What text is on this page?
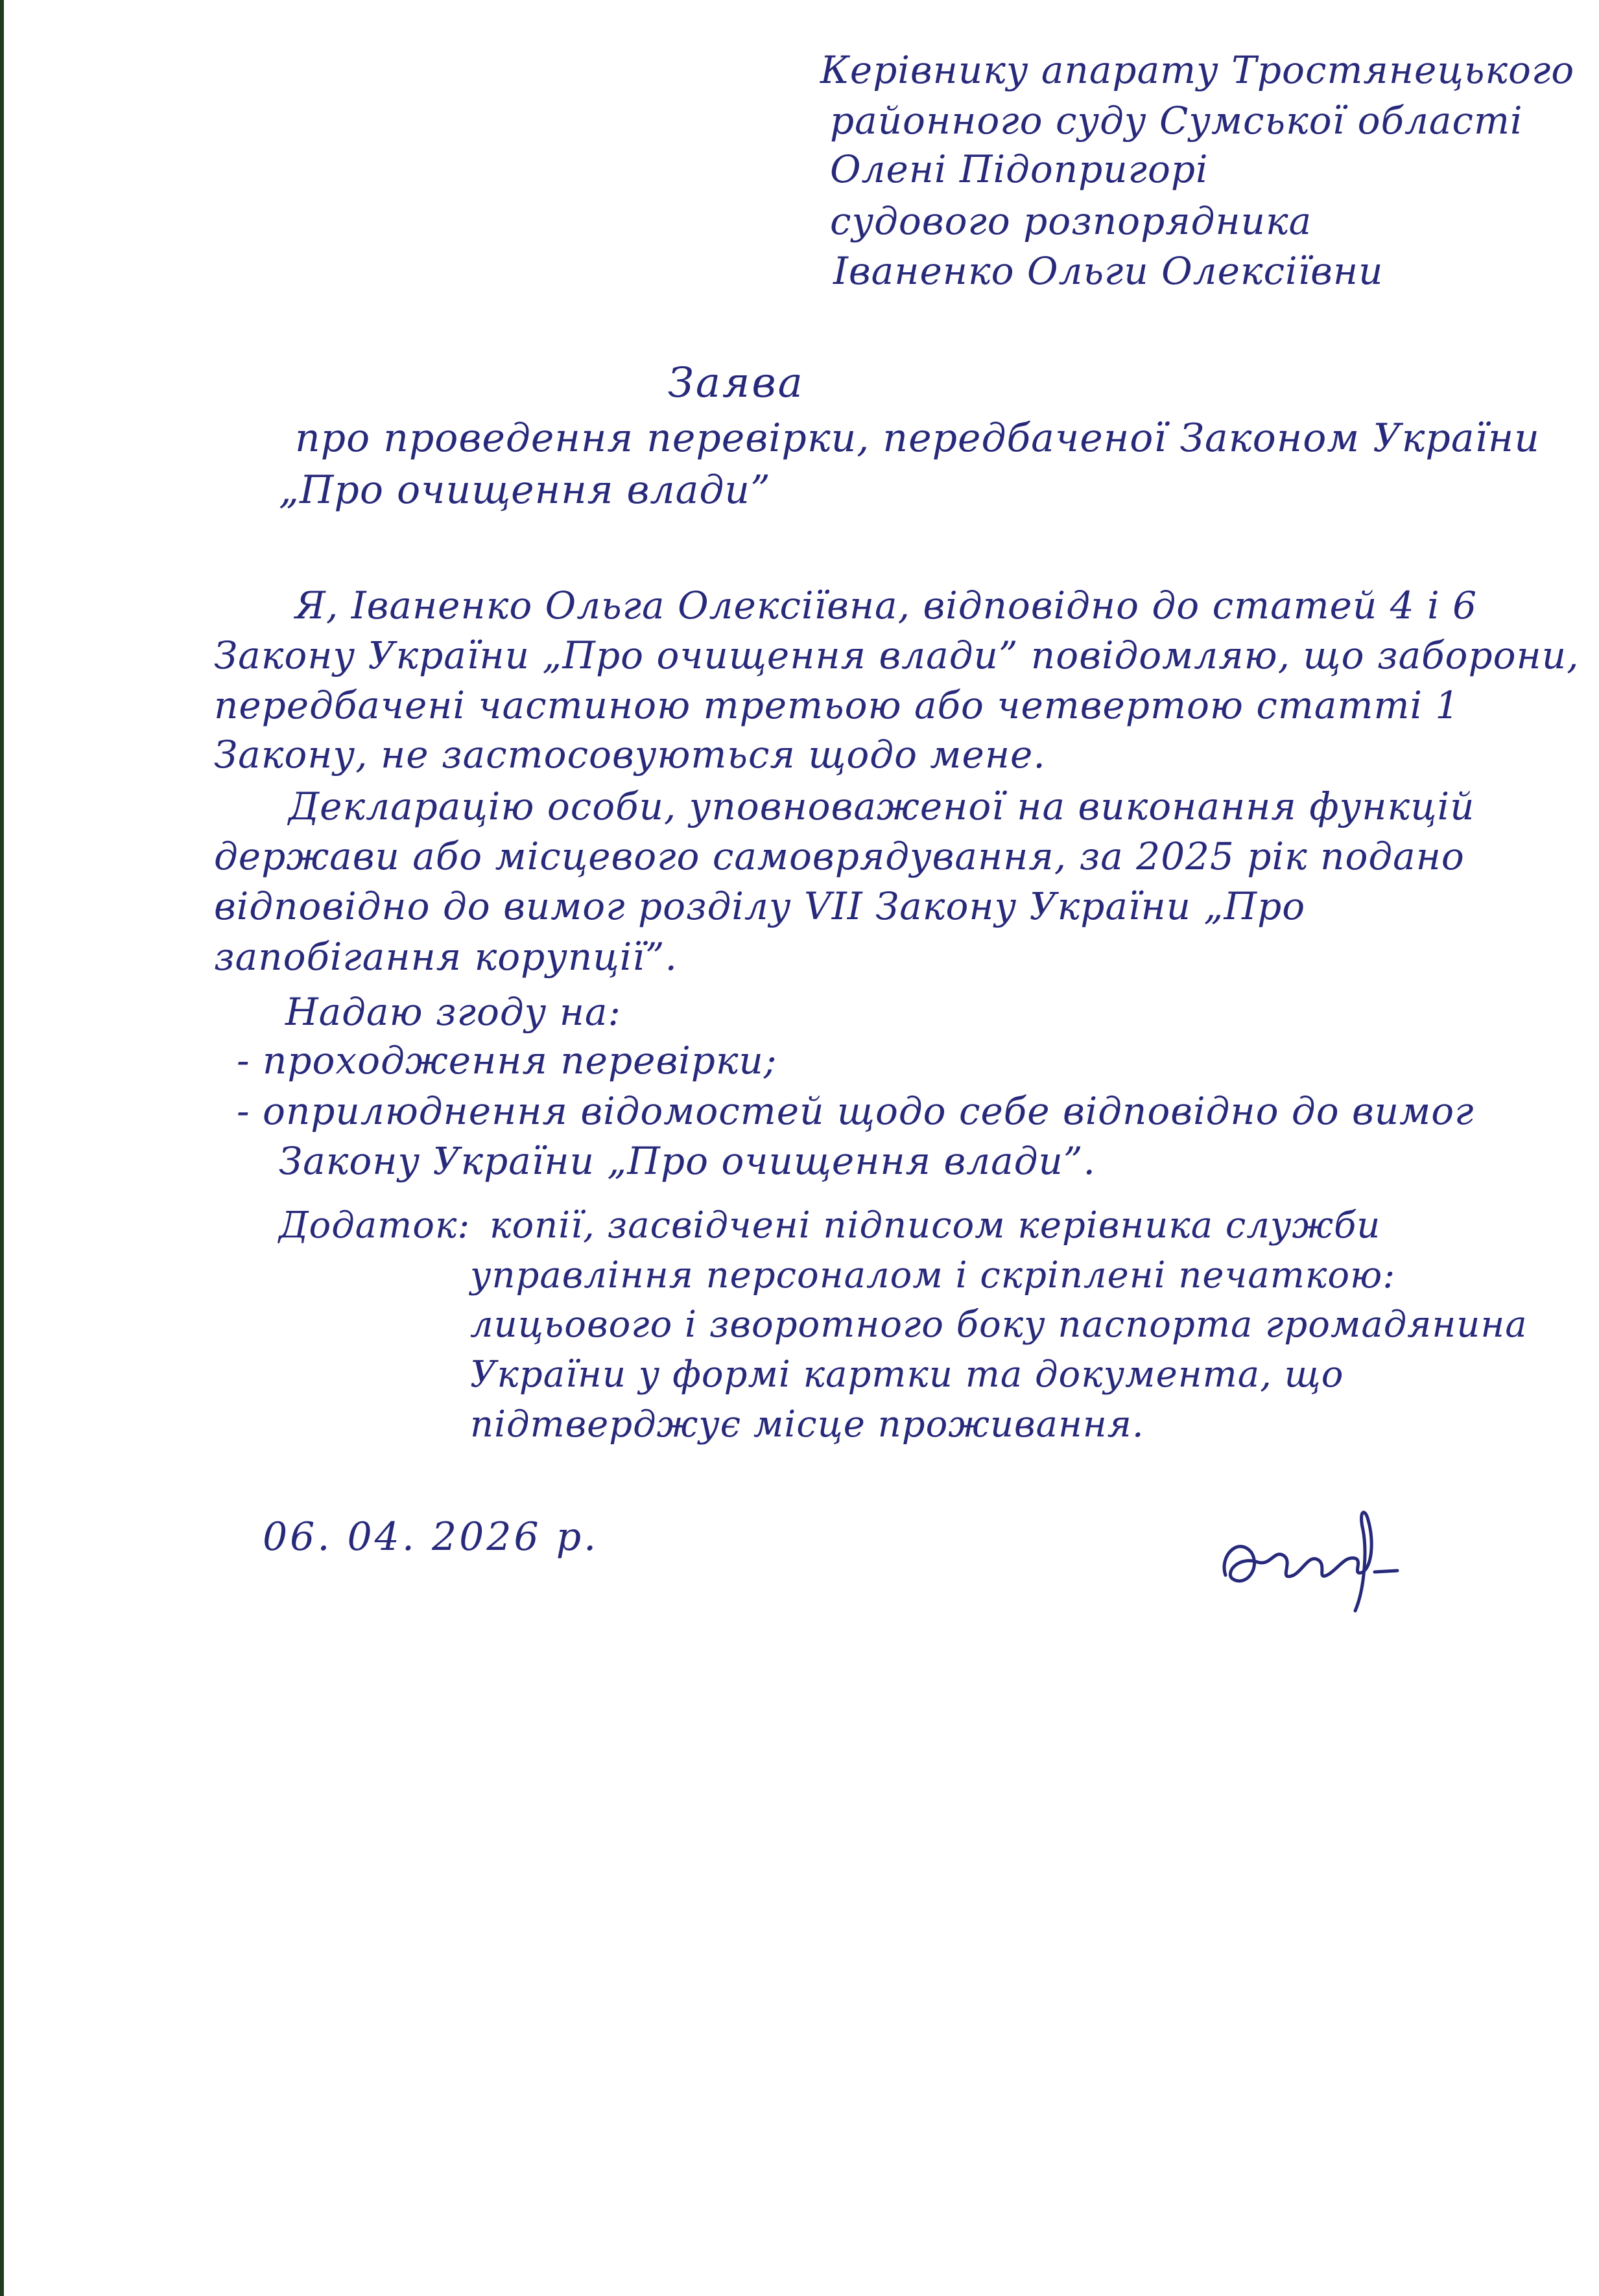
Керівнику апарату Тростянецького
районного суду Сумської області
Олені Підопригорі
судового розпорядника
Іваненко Ольги Олексіївни
Заява
про проведення перевірки, передбаченої Законом України
„Про очищення влади”
Я, Іваненко Ольга Олексіївна, відповідно до статей 4 і 6
Закону України „Про очищення влади” повідомляю, що заборони,
передбачені частиною третьою або четвертою статті 1
Закону, не застосовуються щодо мене.
Декларацію особи, уповноваженої на виконання функцій
держави або місцевого самоврядування, за 2025 рік подано
відповідно до вимог розділу VII Закону України „Про
запобігання корупції”.
Надаю згоду на:
- проходження перевірки;
- оприлюднення відомостей щодо себе відповідно до вимог
Закону України „Про очищення влади”.
Додаток: копії, засвідчені підписом керівника служби
управління персоналом і скріплені печаткою:
лицьового і зворотного боку паспорта громадянина
України у формі картки та документа, що
підтверджує місце проживання.
06. 04. 2026 р.
